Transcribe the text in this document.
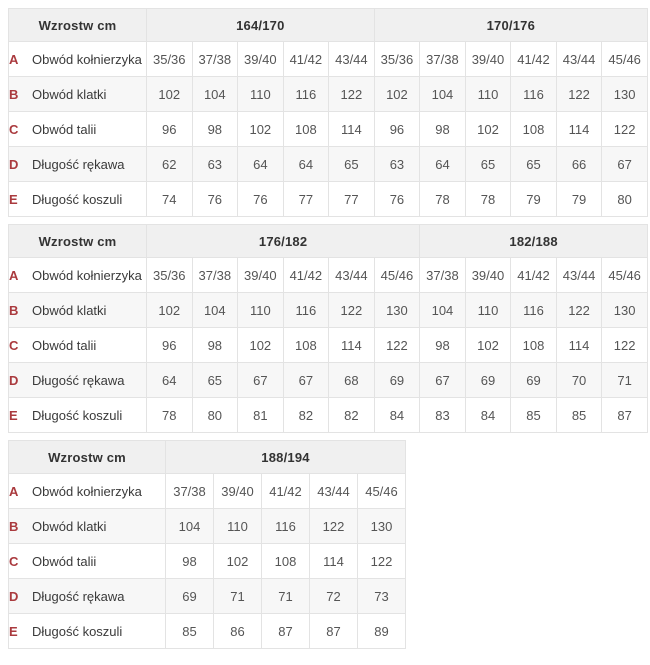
Wzrostw cm	164/170					170/176					
A Obwód kołnierzyka	35/36	37/38	39/40	41/42	43/44	35/36	37/38	39/40	41/42	43/44	45/46
B Obwód klatki	102	104	110	116	122	102	104	110	116	122	130
C Obwód talii	96	98	102	108	114	96	98	102	108	114	122
D Długość rękawa	62	63	64	64	65	63	64	65	65	66	67
E Długość koszuli	74	76	76	77	77	76	78	78	79	79	80
Wzrostw cm	176/182						182/188				
A Obwód kołnierzyka	35/36	37/38	39/40	41/42	43/44	45/46	37/38	39/40	41/42	43/44	45/46
B Obwód klatki	102	104	110	116	122	130	104	110	116	122	130
C Obwód talii	96	98	102	108	114	122	98	102	108	114	122
D Długość rękawa	64	65	67	67	68	69	67	69	69	70	71
E Długość koszuli	78	80	81	82	82	84	83	84	85	85	87
Wzrostw cm	188/194				
A Obwód kołnierzyka	37/38	39/40	41/42	43/44	45/46
B Obwód klatki	104	110	116	122	130
C Obwód talii	98	102	108	114	122
D Długość rękawa	69	71	71	72	73
E Długość koszuli	85	86	87	87	89
